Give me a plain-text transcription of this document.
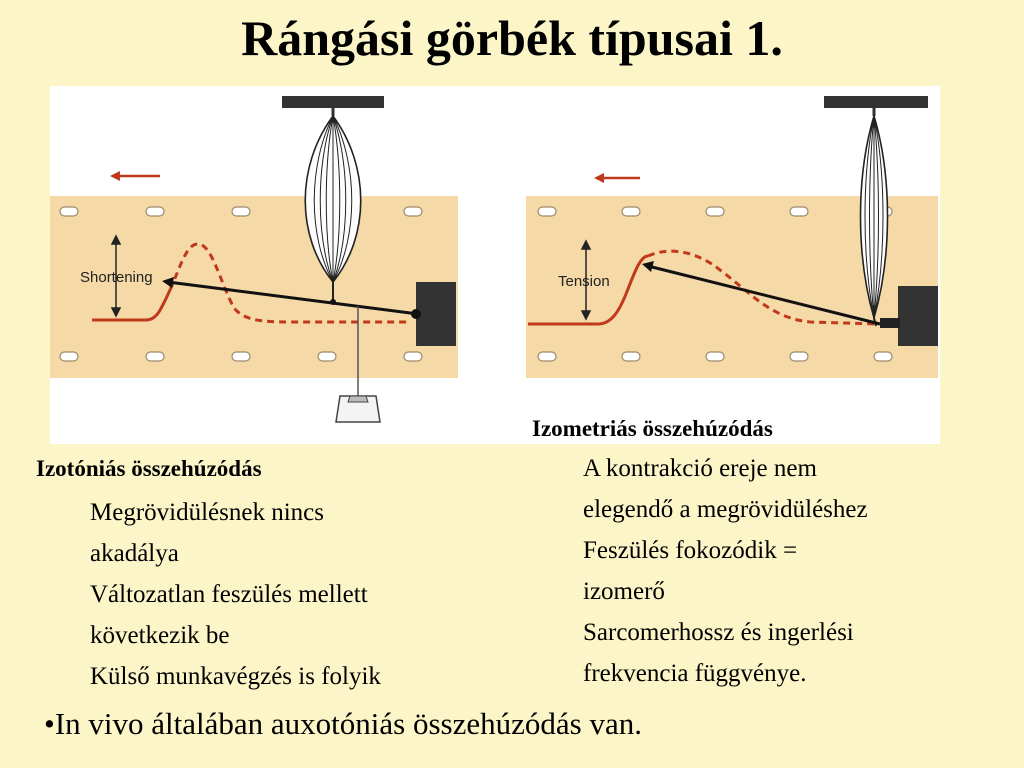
Rángási görbék típusai 1.
Shortening	Tension
Izotóniás összehúzódás
Megrövidülésnek nincs
akadálya
Változatlan feszülés mellett
következik be
Külső munkavégzés is folyik
Izometriás összehúzódás
A kontrakció ereje nem
elegendő a megrövidüléshez
Feszülés fokozódik =
izomerő
Sarcomerhossz és ingerlési
frekvencia függvénye.
•In vivo általában auxotóniás összehúzódás van.
